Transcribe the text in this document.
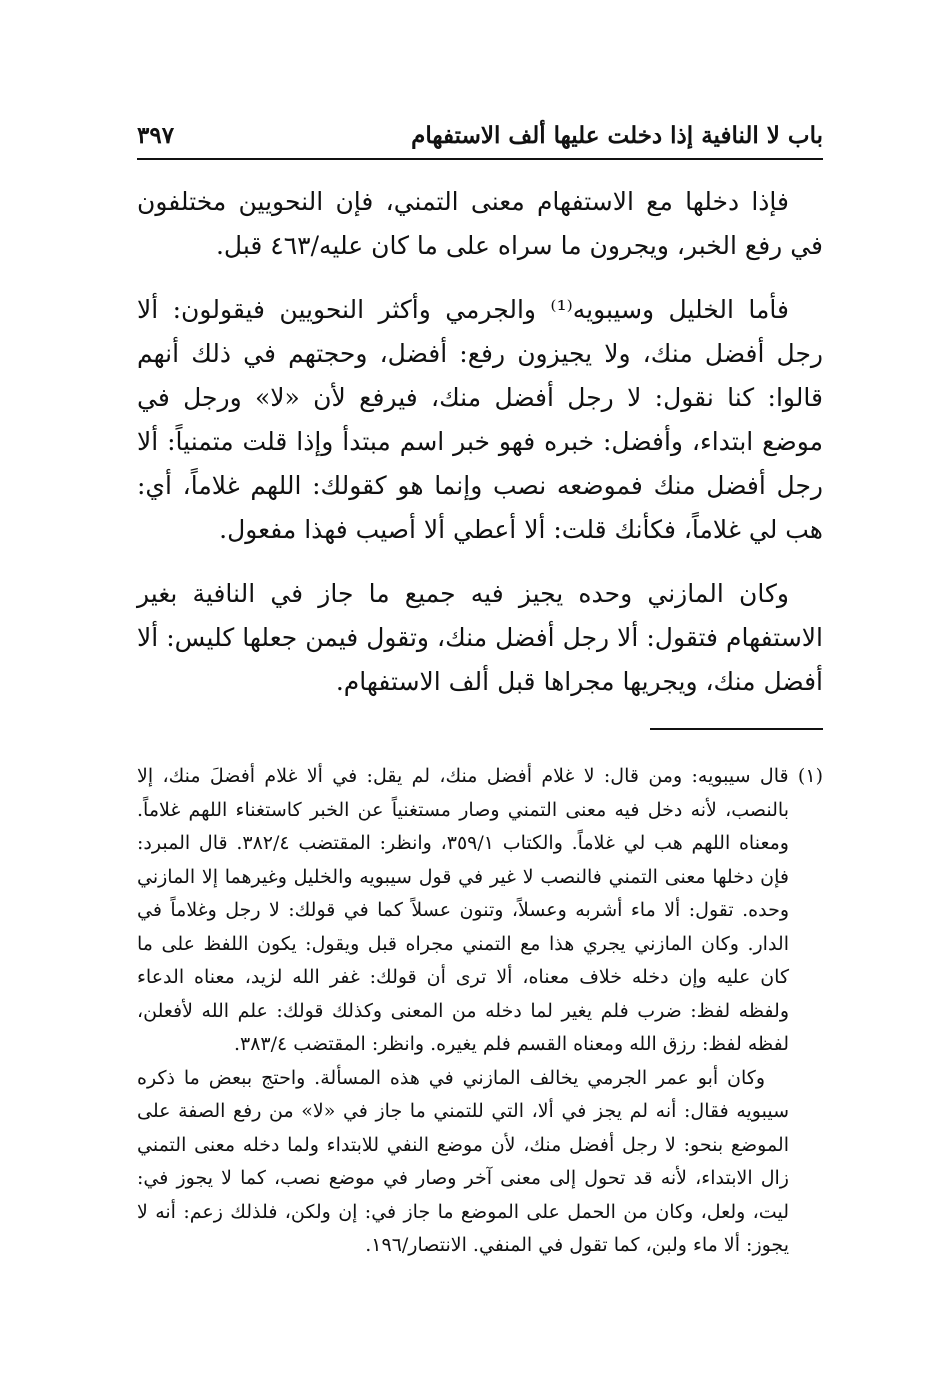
باب لا النافية إذا دخلت عليها ألف الاستفهام
٣٩٧

فإذا دخلها مع الاستفهام معنى التمني، فإن النحويين مختلفون في رفع الخبر، ويجرون ما سراه على ما كان عليه/٤٦٣ قبل.

فأما الخليل وسيبويه⁽¹⁾ والجرمي وأكثر النحويين فيقولون: ألا رجل أفضل منك، ولا يجيزون رفع: أفضل، وحجتهم في ذلك أنهم قالوا: كنا نقول: لا رجل أفضل منك، فيرفع لأن «لا» ورجل في موضع ابتداء، وأفضل: خبره فهو خبر اسم مبتدأ وإذا قلت متمنياً: ألا رجل أفضل منك فموضعه نصب وإنما هو كقولك: اللهم غلاماً، أي: هب لي غلاماً، فكأنك قلت: ألا أعطي ألا أصيب فهذا مفعول.

وكان المازني وحده يجيز فيه جميع ما جاز في النافية بغير الاستفهام فتقول: ألا رجل أفضل منك، وتقول فيمن جعلها كليس: ألا أفضل منك، ويجريها مجراها قبل ألف الاستفهام.

(١) قال سيبويه: ومن قال: لا غلام أفضل منك، لم يقل: في ألا غلام أفضلَ منك، إلا بالنصب، لأنه دخل فيه معنى التمني وصار مستغنياً عن الخبر كاستغناء اللهم غلاماً. ومعناه اللهم هب لي غلاماً. والكتاب ٣٥٩/١، وانظر: المقتضب ٣٨٢/٤. قال المبرد: فإن دخلها معنى التمني فالنصب لا غير في قول سيبويه والخليل وغيرهما إلا المازني وحده. تقول: ألا ماء أشربه وعسلاً، وتنون عسلاً كما في قولك: لا رجل وغلاماً في الدار. وكان المازني يجري هذا مع التمني مجراه قبل ويقول: يكون اللفظ على ما كان عليه وإن دخله خلاف معناه، ألا ترى أن قولك: غفر الله لزيد، معناه الدعاء ولفظه لفظ: ضرب فلم يغير لما دخله من المعنى وكذلك قولك: علم الله لأفعلن، لفظه لفظ: رزق الله ومعناه القسم فلم يغيره. وانظر: المقتضب ٣٨٣/٤.

وكان أبو عمر الجرمي يخالف المازني في هذه المسألة. واحتج ببعض ما ذكره سيبويه فقال: أنه لم يجز في ألا، التي للتمني ما جاز في «لا» من رفع الصفة على الموضع بنحو: لا رجل أفضل منك، لأن موضع النفي للابتداء ولما دخله معنى التمني زال الابتداء، لأنه قد تحول إلى معنى آخر وصار في موضع نصب، كما لا يجوز في: ليت، ولعل، وكان من الحمل على الموضع ما جاز في: إن ولكن، فلذلك زعم: أنه لا يجوز: ألا ماء ولبن، كما تقول في المنفي. الانتصار/١٩٦.
